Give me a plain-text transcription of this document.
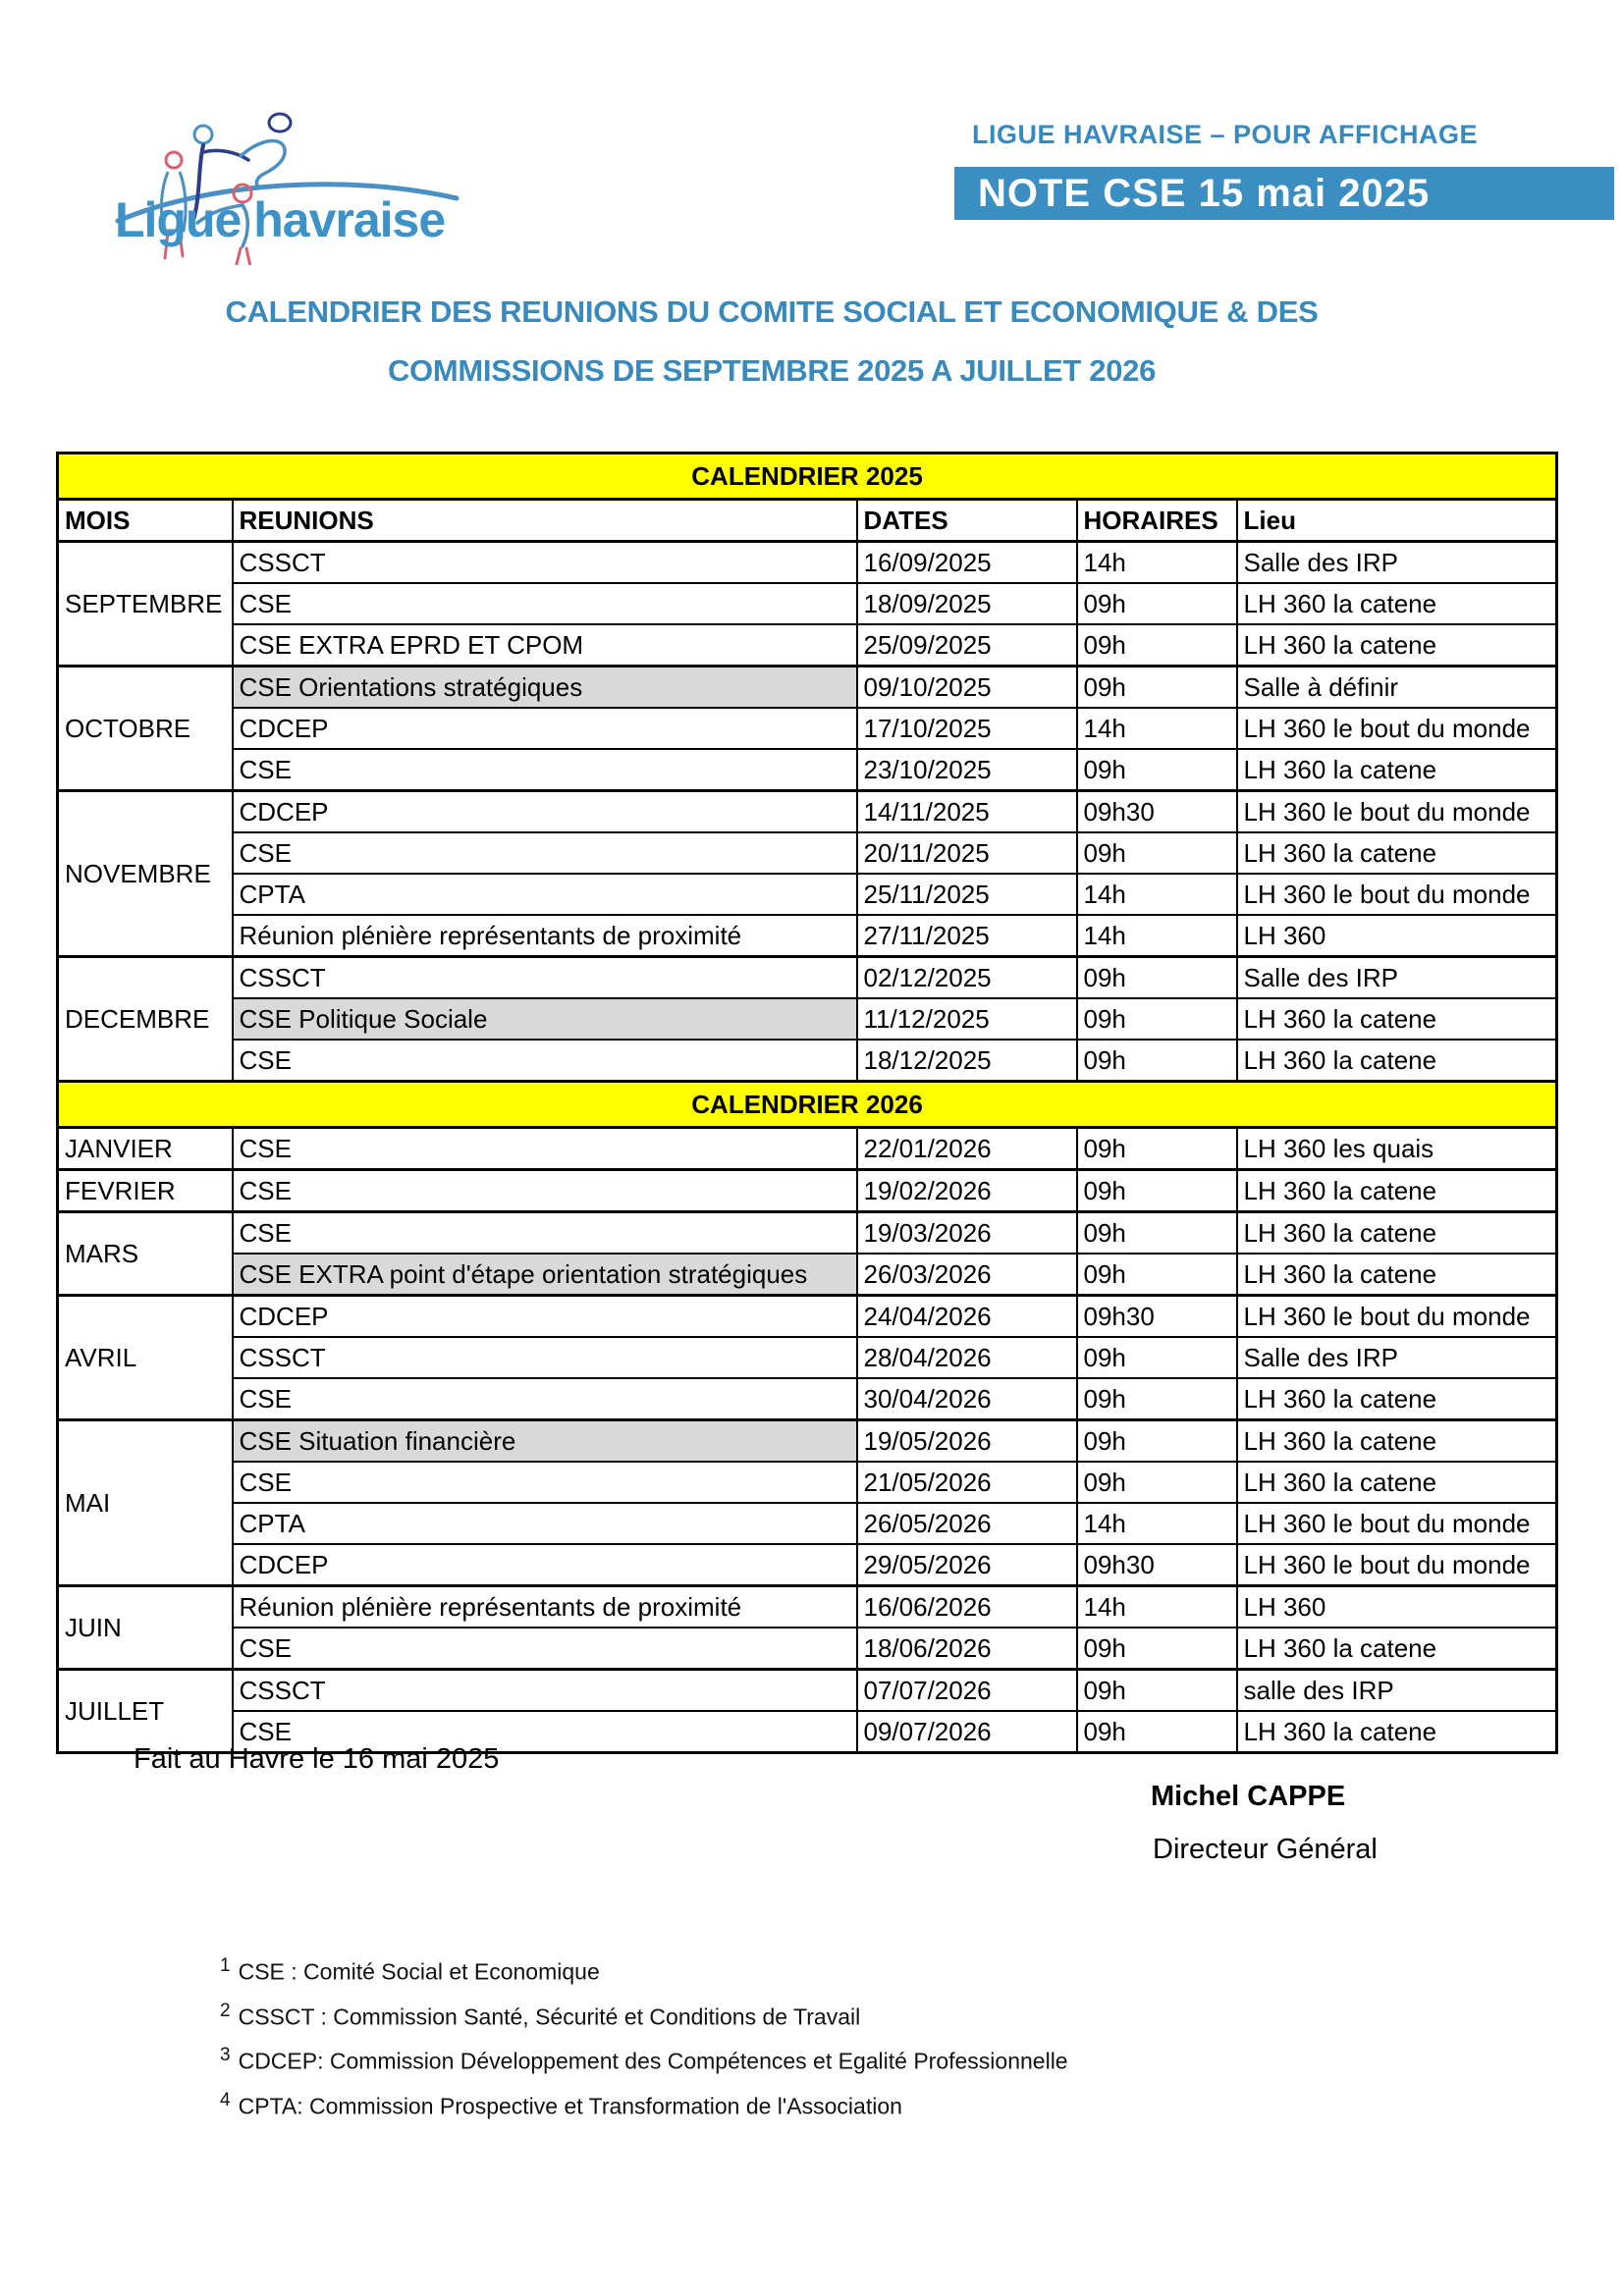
Ligue havraise
LIGUE HAVRAISE – POUR AFFICHAGE
NOTE CSE 15 mai 2025
CALENDRIER DES REUNIONS DU COMITE SOCIAL ET ECONOMIQUE & DES
COMMISSIONS DE SEPTEMBRE 2025 A JUILLET 2026
CALENDRIER 2025				
MOIS	REUNIONS	DATES	HORAIRES	Lieu
SEPTEMBRE	CSSCT	16/09/2025	14h	Salle des IRP
	CSE	18/09/2025	09h	LH 360 la catene
	CSE EXTRA EPRD ET CPOM	25/09/2025	09h	LH 360 la catene
OCTOBRE	CSE Orientations stratégiques	09/10/2025	09h	Salle à définir
	CDCEP	17/10/2025	14h	LH 360 le bout du monde
	CSE	23/10/2025	09h	LH 360 la catene
NOVEMBRE	CDCEP	14/11/2025	09h30	LH 360 le bout du monde
	CSE	20/11/2025	09h	LH 360 la catene
	CPTA	25/11/2025	14h	LH 360 le bout du monde
	Réunion plénière représentants de proximité	27/11/2025	14h	LH 360
DECEMBRE	CSSCT	02/12/2025	09h	Salle des IRP
	CSE Politique Sociale	11/12/2025	09h	LH 360 la catene
	CSE	18/12/2025	09h	LH 360 la catene
CALENDRIER 2026				
JANVIER	CSE	22/01/2026	09h	LH 360 les quais
FEVRIER	CSE	19/02/2026	09h	LH 360 la catene
MARS	CSE	19/03/2026	09h	LH 360 la catene
	CSE EXTRA point d'étape orientation stratégiques	26/03/2026	09h	LH 360 la catene
AVRIL	CDCEP	24/04/2026	09h30	LH 360 le bout du monde
	CSSCT	28/04/2026	09h	Salle des IRP
	CSE	30/04/2026	09h	LH 360 la catene
MAI	CSE Situation financière	19/05/2026	09h	LH 360 la catene
	CSE	21/05/2026	09h	LH 360 la catene
	CPTA	26/05/2026	14h	LH 360 le bout du monde
	CDCEP	29/05/2026	09h30	LH 360 le bout du monde
JUIN	Réunion plénière représentants de proximité	16/06/2026	14h	LH 360
	CSE	18/06/2026	09h	LH 360 la catene
JUILLET	CSSCT	07/07/2026	09h	salle des IRP
	CSE	09/07/2026	09h	LH 360 la catene
Fait au Havre le 16 mai 2025
Michel CAPPE
Directeur Général
$^1$ CSE : Comité Social et Economique
$^2$ CSSCT : Commission Santé, Sécurité et Conditions de Travail
$^3$ CDCEP: Commission Développement des Compétences et Egalité Professionnelle
$^4$ CPTA: Commission Prospective et Transformation de l'Association
